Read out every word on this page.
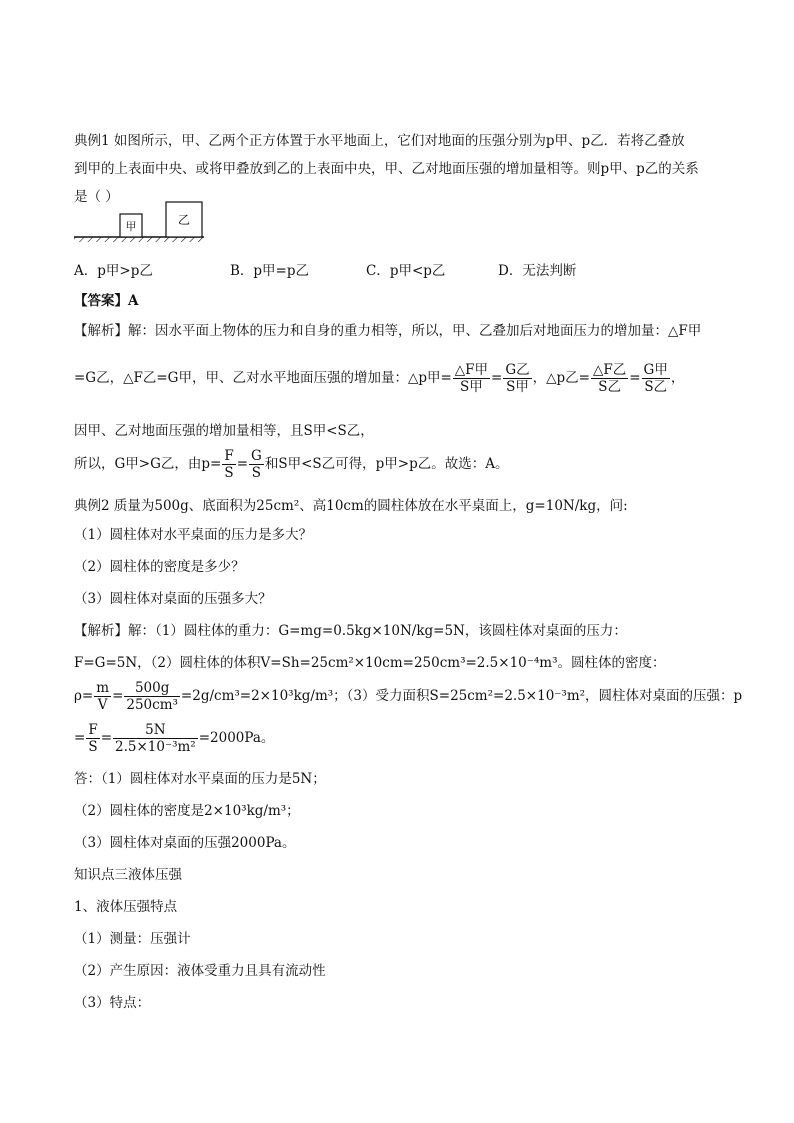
典例1 如图所示，甲、乙两个正方体置于水平地面上，它们对地面的压强分别为p甲、p乙．若将乙叠放
到甲的上表面中央、或将甲叠放到乙的上表面中央，甲、乙对地面压强的增加量相等。则p甲、p乙的关系
是（ ）
甲	乙
A．p甲>p乙	B．p甲=p乙	C．p甲<p乙	D．无法判断
【答案】A
【解析】解：因水平面上物体的压力和自身的重力相等，所以，甲、乙叠加后对地面压力的增加量：△F甲
=G乙，△F乙=G甲，甲、乙对水平地面压强的增加量：△p甲= $\frac{\text{△F甲}}{\text{S甲}} = \frac{\text{G乙}}{\text{S甲}}$ ，△p乙= $\frac{\text{△F乙}}{\text{S乙}} = \frac{\text{G甲}}{\text{S乙}}$ ，
因甲、乙对地面压强的增加量相等，且S甲<S乙，
所以，G甲>G乙，由$p= \frac{F}{S} = \frac{G}{S}$ 和S甲<S乙可得，p甲>p乙。故选：A。
典例2 质量为500g、底面积为25cm²、高10cm的圆柱体放在水平桌面上，g=10N/kg，问:
（1）圆柱体对水平桌面的压力是多大？
（2）圆柱体的密度是多少？
（3）圆柱体对桌面的压强多大？
【解析】解：（1）圆柱体的重力：G=mg=0.5kg×10N/kg=5N，该圆柱体对桌面的压力：
F=G=5N，（2）圆柱体的体积V=Sh=25cm²×10cm=250cm³=2.5×10⁻⁴m³。圆柱体的密度：
$\rho= \frac{m}{V} = \frac{500g}{\text{250cm³}} =2g/cm^3=2\times 10^3kg/m^3$；（3）受力面积S=25cm²=2.5×10⁻³m²，圆柱体对桌面的压强：p
= $\frac{F}{S} = \frac{5N}{\text{2.5×10⁻³m²}} =2000Pa$。
答：（1）圆柱体对水平桌面的压力是5N；
（2）圆柱体的密度是2×10³kg/m³；
（3）圆柱体对桌面的压强2000Pa。
知识点三液体压强
1、液体压强特点
（1）测量：压强计
（2）产生原因：液体受重力且具有流动性
（3）特点：
